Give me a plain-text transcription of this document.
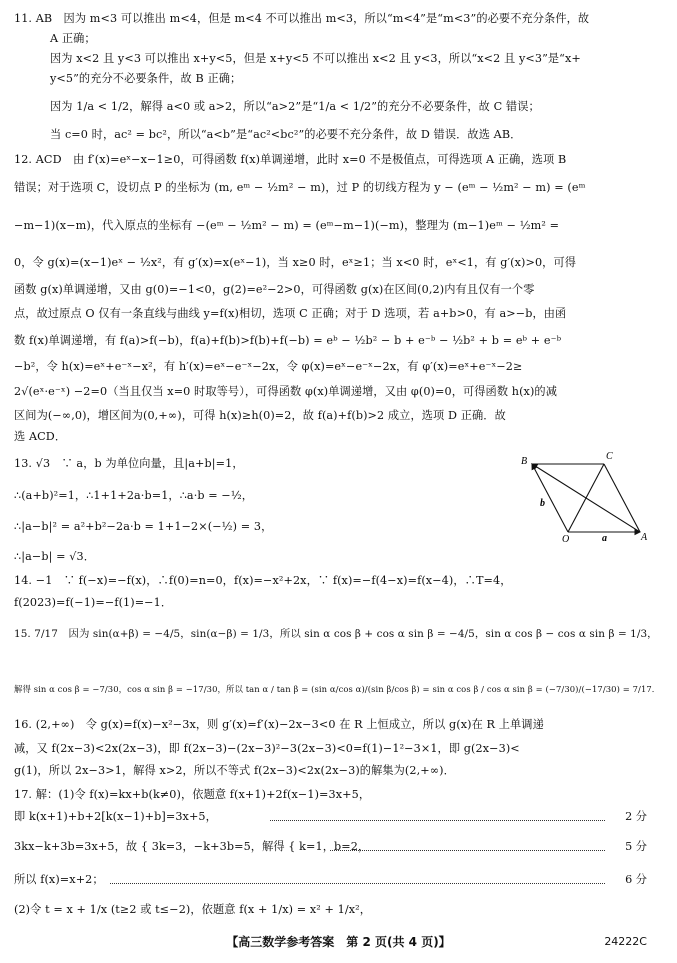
11. AB　因为 m<3 可以推出 m<4，但是 m<4 不可以推出 m<3，所以“m<4”是“m<3”的必要不充分条件，故
A 正确；
因为 x<2 且 y<3 可以推出 x+y<5，但是 x+y<5 不可以推出 x<2 且 y<3，所以“x<2 且 y<3”是“x+
y<5”的充分不必要条件，故 B 正确；
因为 1/a < 1/2，解得 a<0 或 a>2，所以“a>2”是“1/a < 1/2”的充分不必要条件，故 C 错误；
当 c=0 时，ac² = bc²，所以“a<b”是“ac²<bc²”的必要不充分条件，故 D 错误．故选 AB．
12. ACD　由 f′(x)=eˣ−x−1≥0，可得函数 f(x)单调递增，此时 x=0 不是极值点，可得选项 A 正确，选项 B
错误；对于选项 C，设切点 P 的坐标为 (m, eᵐ − ½m² − m)，过 P 的切线方程为 y − (eᵐ − ½m² − m) = (eᵐ
−m−1)(x−m)，代入原点的坐标有 −(eᵐ − ½m² − m) = (eᵐ−m−1)(−m)，整理为 (m−1)eᵐ − ½m² =
0，令 g(x)=(x−1)eˣ − ½x²，有 g′(x)=x(eˣ−1)，当 x≥0 时，eˣ≥1；当 x<0 时，eˣ<1，有 g′(x)>0，可得
函数 g(x)单调递增，又由 g(0)=−1<0，g(2)=e²−2>0，可得函数 g(x)在区间(0,2)内有且仅有一个零
点，故过原点 O 仅有一条直线与曲线 y=f(x)相切，选项 C 正确；对于 D 选项，若 a+b>0，有 a>−b，由函
数 f(x)单调递增，有 f(a)>f(−b)，f(a)+f(b)>f(b)+f(−b) = eᵇ − ½b² − b + e⁻ᵇ − ½b² + b = eᵇ + e⁻ᵇ
−b²，令 h(x)=eˣ+e⁻ˣ−x²，有 h′(x)=eˣ−e⁻ˣ−2x，令 φ(x)=eˣ−e⁻ˣ−2x，有 φ′(x)=eˣ+e⁻ˣ−2≥
2√(eˣ·e⁻ˣ) −2=0（当且仅当 x=0 时取等号），可得函数 φ(x)单调递增，又由 φ(0)=0，可得函数 h(x)的减
区间为(−∞,0)，增区间为(0,+∞)，可得 h(x)≥h(0)=2，故 f(a)+f(b)>2 成立，选项 D 正确．故
选 ACD．
13. √3　∵ a，b 为单位向量，且|a+b|=1，
∴(a+b)²=1，∴1+1+2a·b=1，∴a·b = −½，
∴|a−b|² = a²+b²−2a·b = 1+1−2×(−½) = 3，
∴|a−b| = √3．
B	C
O	A
a
b
14. −1　∵ f(−x)=−f(x)，∴f(0)=n=0，f(x)=−x²+2x，∵ f(x)=−f(4−x)=f(x−4)，∴T=4，
f(2023)=f(−1)=−f(1)=−1．
15. 7/17　因为 sin(α+β) = −4/5，sin(α−β) = 1/3，所以 sin α cos β + cos α sin β = −4/5，sin α cos β − cos α sin β = 1/3，
解得 sin α cos β = −7/30，cos α sin β = −17/30，所以 tan α / tan β = (sin α/cos α)/(sin β/cos β) = sin α cos β / cos α sin β = (−7/30)/(−17/30) = 7/17．
16. (2,+∞)　令 g(x)=f(x)−x²−3x，则 g′(x)=f′(x)−2x−3<0 在 R 上恒成立，所以 g(x)在 R 上单调递
减，又 f(2x−3)<2x(2x−3)，即 f(2x−3)−(2x−3)²−3(2x−3)<0=f(1)−1²−3×1，即 g(2x−3)<
g(1)，所以 2x−3>1，解得 x>2，所以不等式 f(2x−3)<2x(2x−3)的解集为(2,+∞)．
17. 解：(1)令 f(x)=kx+b(k≠0)，依题意 f(x+1)+2f(x−1)=3x+5，
即 k(x+1)+b+2[k(x−1)+b]=3x+5，	2 分
3kx−k+3b=3x+5，故 { 3k=3，−k+3b=5，解得 { k=1，b=2，	5 分
所以 f(x)=x+2；	6 分
(2)令 t = x + 1/x (t≥2 或 t≤−2)，依题意 f(x + 1/x) = x² + 1/x²，
【高三数学参考答案　第 2 页(共 4 页)】	24222C
